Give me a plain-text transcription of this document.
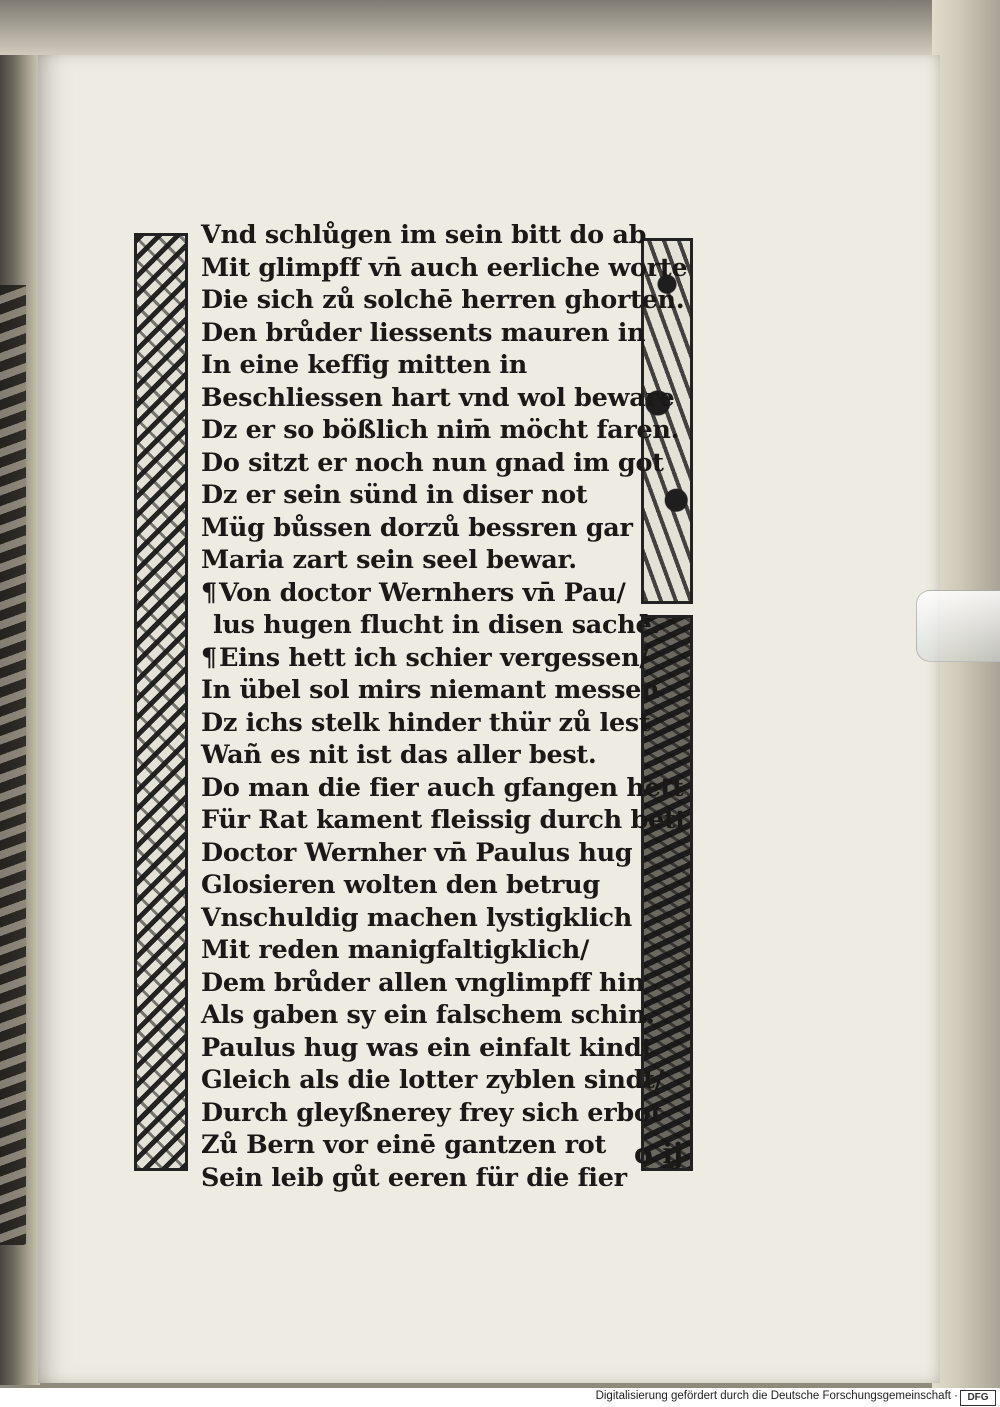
Vnd schlůgen im sein bitt do ab
Mit glimpff vn̄ auch eerliche worte
Die sich zů solchē herren ghorten.
Den brůder liessents mauren in
In eine keffig mitten in
Beschliessen hart vnd wol beware
Dz er so bößlich nim̄ möcht faren.
Do sitzt er noch nun gnad im got
Dz er sein sünd in diser not
Müg bůssen dorzů bessren gar
Maria zart sein seel bewar.
¶Von doctor Wernhers vn̄ Pau/
lus hugen flucht in disen sachē.
¶Eins hett ich schier vergessen/
In übel sol mirs niemant messen
Dz ichs stelk hinder thür zů lest
Wañ es nit ist das aller best.
Do man die fier auch gfangen hett
Für Rat kament fleissig durch bett
Doctor Wernher vn̄ Paulus hug
Glosieren wolten den betrug
Vnschuldig machen lystigklich
Mit reden manigfaltigklich/
Dem brůder allen vnglimpff hin
Als gaben sy ein falschem schin.
Paulus hug was ein einfalt kindt
Gleich als die lotter zyblen sindt/
Durch gleyßnerey frey sich erbot
Zů Bern vor einē gantzen rot
Sein leib gůt eeren für die fier
o ij
Digitalisierung gefördert durch die Deutsche Forschungsgemeinschaft · DFG
